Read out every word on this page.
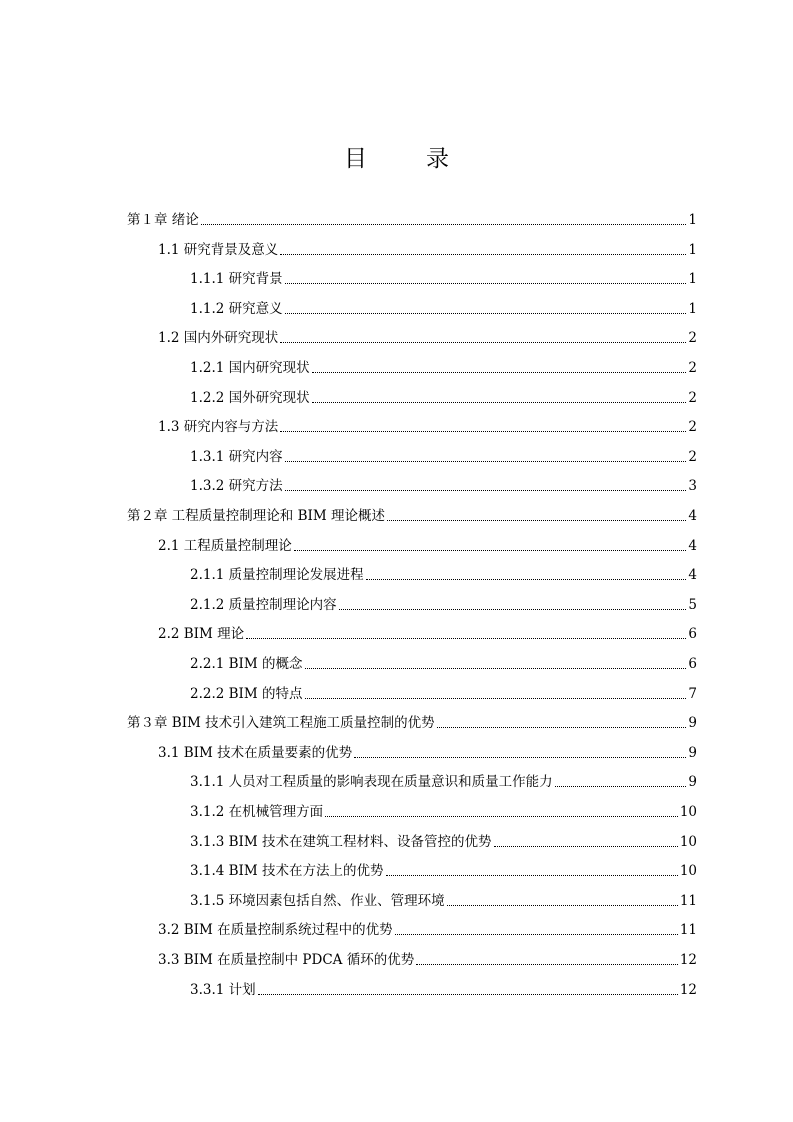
目　录
第１章 绪论	1
1.1 研究背景及意义	1
1.1.1 研究背景	1
1.1.2 研究意义	1
1.2 国内外研究现状	2
1.2.1 国内研究现状	2
1.2.2 国外研究现状	2
1.3 研究内容与方法	2
1.3.1 研究内容	2
1.3.2 研究方法	3
第２章 工程质量控制理论和 BIM 理论概述	4
2.1 工程质量控制理论	4
2.1.1 质量控制理论发展进程	4
2.1.2 质量控制理论内容	5
2.2 BIM 理论	6
2.2.1 BIM 的概念	6
2.2.2 BIM 的特点	7
第３章 BIM 技术引入建筑工程施工质量控制的优势	9
3.1 BIM 技术在质量要素的优势	9
3.1.1 人员对工程质量的影响表现在质量意识和质量工作能力	9
3.1.2 在机械管理方面	10
3.1.3 BIM 技术在建筑工程材料、设备管控的优势	10
3.1.4 BIM 技术在方法上的优势	10
3.1.5 环境因素包括自然、作业、管理环境	11
3.2 BIM 在质量控制系统过程中的优势	11
3.3 BIM 在质量控制中 PDCA 循环的优势	12
3.3.1 计划	12
